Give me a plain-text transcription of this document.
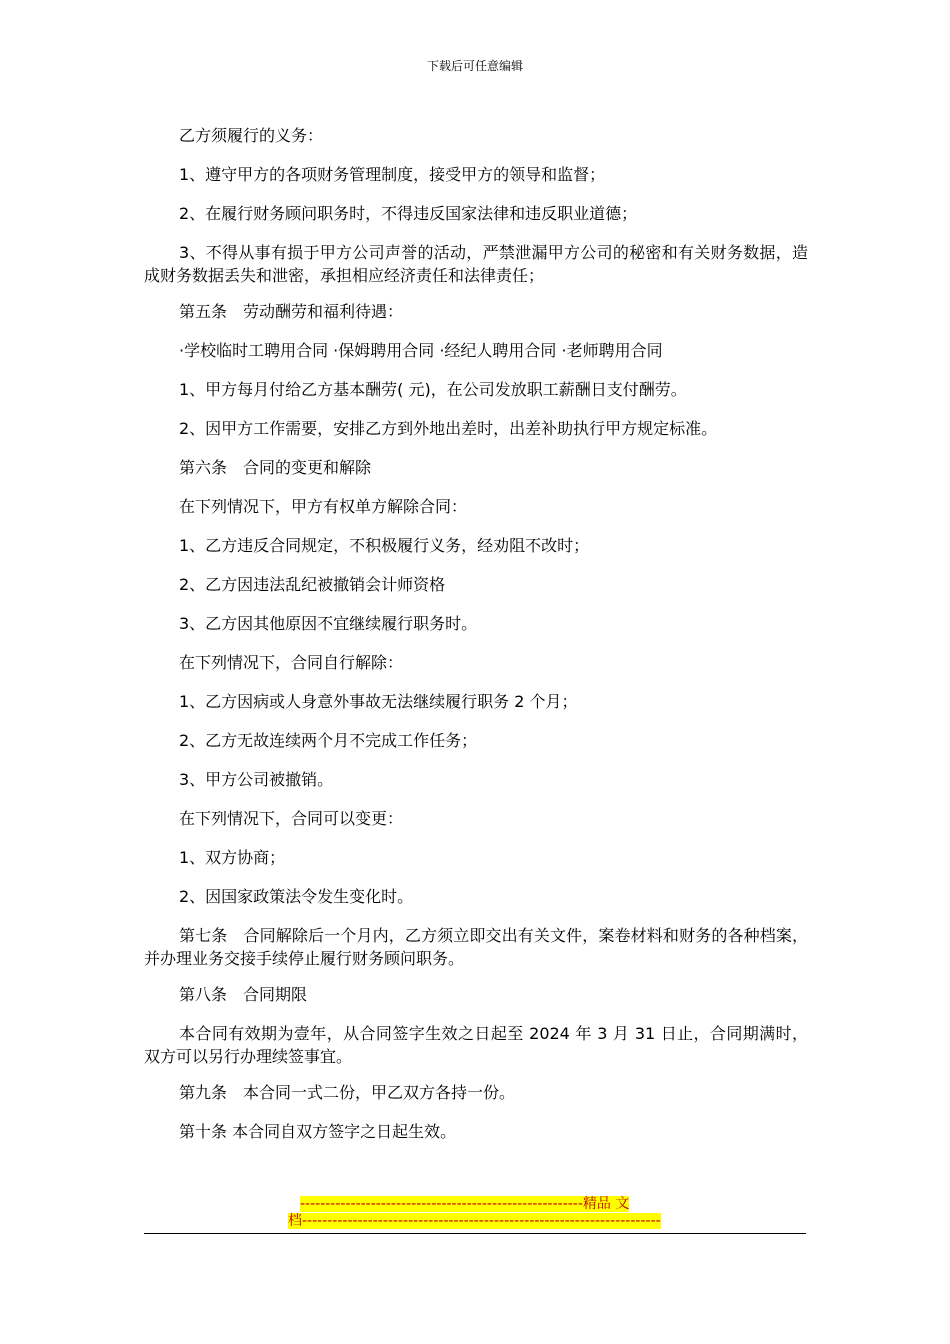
下载后可任意编辑

乙方须履行的义务：

1、遵守甲方的各项财务管理制度，接受甲方的领导和监督；

2、在履行财务顾问职务时，不得违反国家法律和违反职业道德；

3、不得从事有损于甲方公司声誉的活动，严禁泄漏甲方公司的秘密和有关财务数据，造成财务数据丢失和泄密，承担相应经济责任和法律责任；

第五条　劳动酬劳和福利待遇：

·学校临时工聘用合同 ·保姆聘用合同 ·经纪人聘用合同 ·老师聘用合同

1、甲方每月付给乙方基本酬劳( 元)，在公司发放职工薪酬日支付酬劳。

2、因甲方工作需要，安排乙方到外地出差时，出差补助执行甲方规定标准。

第六条　合同的变更和解除

在下列情况下，甲方有权单方解除合同：

1、乙方违反合同规定，不积极履行义务，经劝阻不改时；

2、乙方因违法乱纪被撤销会计师资格

3、乙方因其他原因不宜继续履行职务时。

在下列情况下，合同自行解除：

1、乙方因病或人身意外事故无法继续履行职务 2 个月；

2、乙方无故连续两个月不完成工作任务；

3、甲方公司被撤销。

在下列情况下，合同可以变更：

1、双方协商；

2、因国家政策法令发生变化时。

第七条　合同解除后一个月内，乙方须立即交出有关文件，案卷材料和财务的各种档案，并办理业务交接手续停止履行财务顾问职务。

第八条　合同期限

本合同有效期为壹年，从合同签字生效之日起至 2024 年 3 月 31 日止，合同期满时，双方可以另行办理续签事宜。

第九条　本合同一式二份，甲乙双方各持一份。

第十条 本合同自双方签字之日起生效。

--------------------------------------------------------精品 文
档-----------------------------------------------------------------------
